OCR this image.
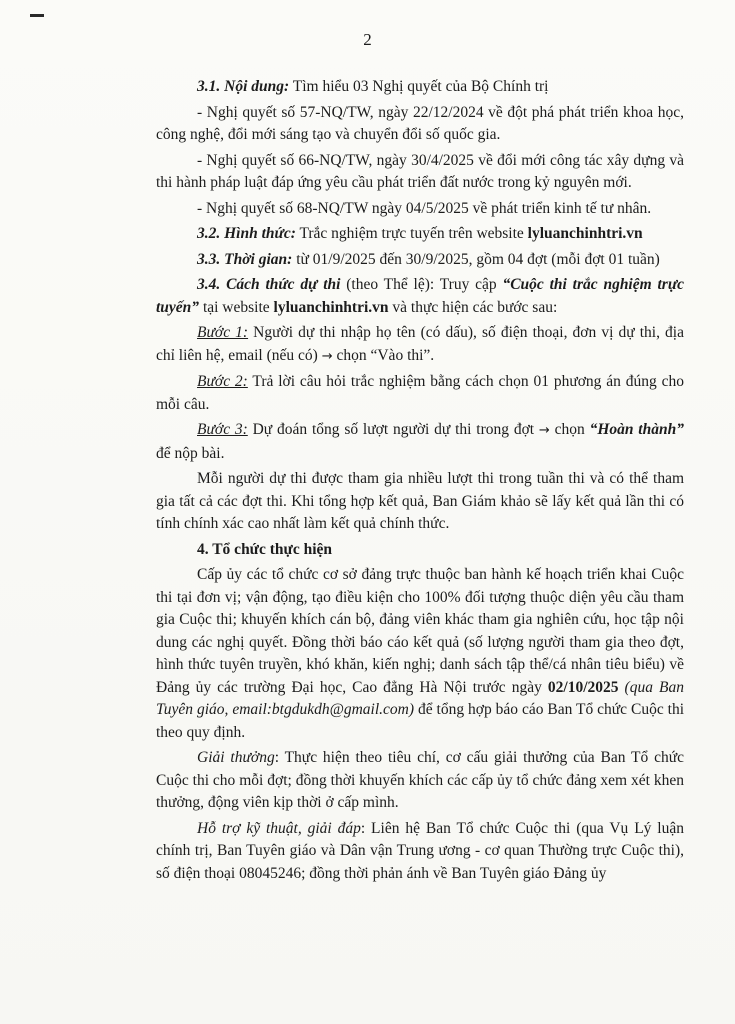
2

3.1. Nội dung: Tìm hiểu 03 Nghị quyết của Bộ Chính trị

- Nghị quyết số 57-NQ/TW, ngày 22/12/2024 về đột phá phát triển khoa học, công nghệ, đổi mới sáng tạo và chuyển đổi số quốc gia.

- Nghị quyết số 66-NQ/TW, ngày 30/4/2025 về đổi mới công tác xây dựng và thi hành pháp luật đáp ứng yêu cầu phát triển đất nước trong kỷ nguyên mới.

- Nghị quyết số 68-NQ/TW ngày 04/5/2025 về phát triển kinh tế tư nhân.

3.2. Hình thức: Trắc nghiệm trực tuyến trên website lyluanchinhtri.vn

3.3. Thời gian: từ 01/9/2025 đến 30/9/2025, gồm 04 đợt (mỗi đợt 01 tuần)

3.4. Cách thức dự thi (theo Thể lệ): Truy cập “Cuộc thi trắc nghiệm trực tuyến” tại website lyluanchinhtri.vn và thực hiện các bước sau:

Bước 1: Người dự thi nhập họ tên (có dấu), số điện thoại, đơn vị dự thi, địa chỉ liên hệ, email (nếu có) → chọn “Vào thi”.

Bước 2: Trả lời câu hỏi trắc nghiệm bằng cách chọn 01 phương án đúng cho mỗi câu.

Bước 3: Dự đoán tổng số lượt người dự thi trong đợt → chọn “Hoàn thành” để nộp bài.

Mỗi người dự thi được tham gia nhiều lượt thi trong tuần thi và có thể tham gia tất cả các đợt thi. Khi tổng hợp kết quả, Ban Giám khảo sẽ lấy kết quả lần thi có tính chính xác cao nhất làm kết quả chính thức.

4. Tổ chức thực hiện

Cấp ủy các tổ chức cơ sở đảng trực thuộc ban hành kế hoạch triển khai Cuộc thi tại đơn vị; vận động, tạo điều kiện cho 100% đối tượng thuộc diện yêu cầu tham gia Cuộc thi; khuyến khích cán bộ, đảng viên khác tham gia nghiên cứu, học tập nội dung các nghị quyết. Đồng thời báo cáo kết quả (số lượng người tham gia theo đợt, hình thức tuyên truyền, khó khăn, kiến nghị; danh sách tập thể/cá nhân tiêu biểu) về Đảng ủy các trường Đại học, Cao đẳng Hà Nội trước ngày 02/10/2025 (qua Ban Tuyên giáo, email:btgdukdh@gmail.com) để tổng hợp báo cáo Ban Tổ chức Cuộc thi theo quy định.

Giải thưởng: Thực hiện theo tiêu chí, cơ cấu giải thưởng của Ban Tổ chức Cuộc thi cho mỗi đợt; đồng thời khuyến khích các cấp ủy tổ chức đảng xem xét khen thưởng, động viên kịp thời ở cấp mình.

Hỗ trợ kỹ thuật, giải đáp: Liên hệ Ban Tổ chức Cuộc thi (qua Vụ Lý luận chính trị, Ban Tuyên giáo và Dân vận Trung ương - cơ quan Thường trực Cuộc thi), số điện thoại 08045246; đồng thời phản ánh về Ban Tuyên giáo Đảng ủy
